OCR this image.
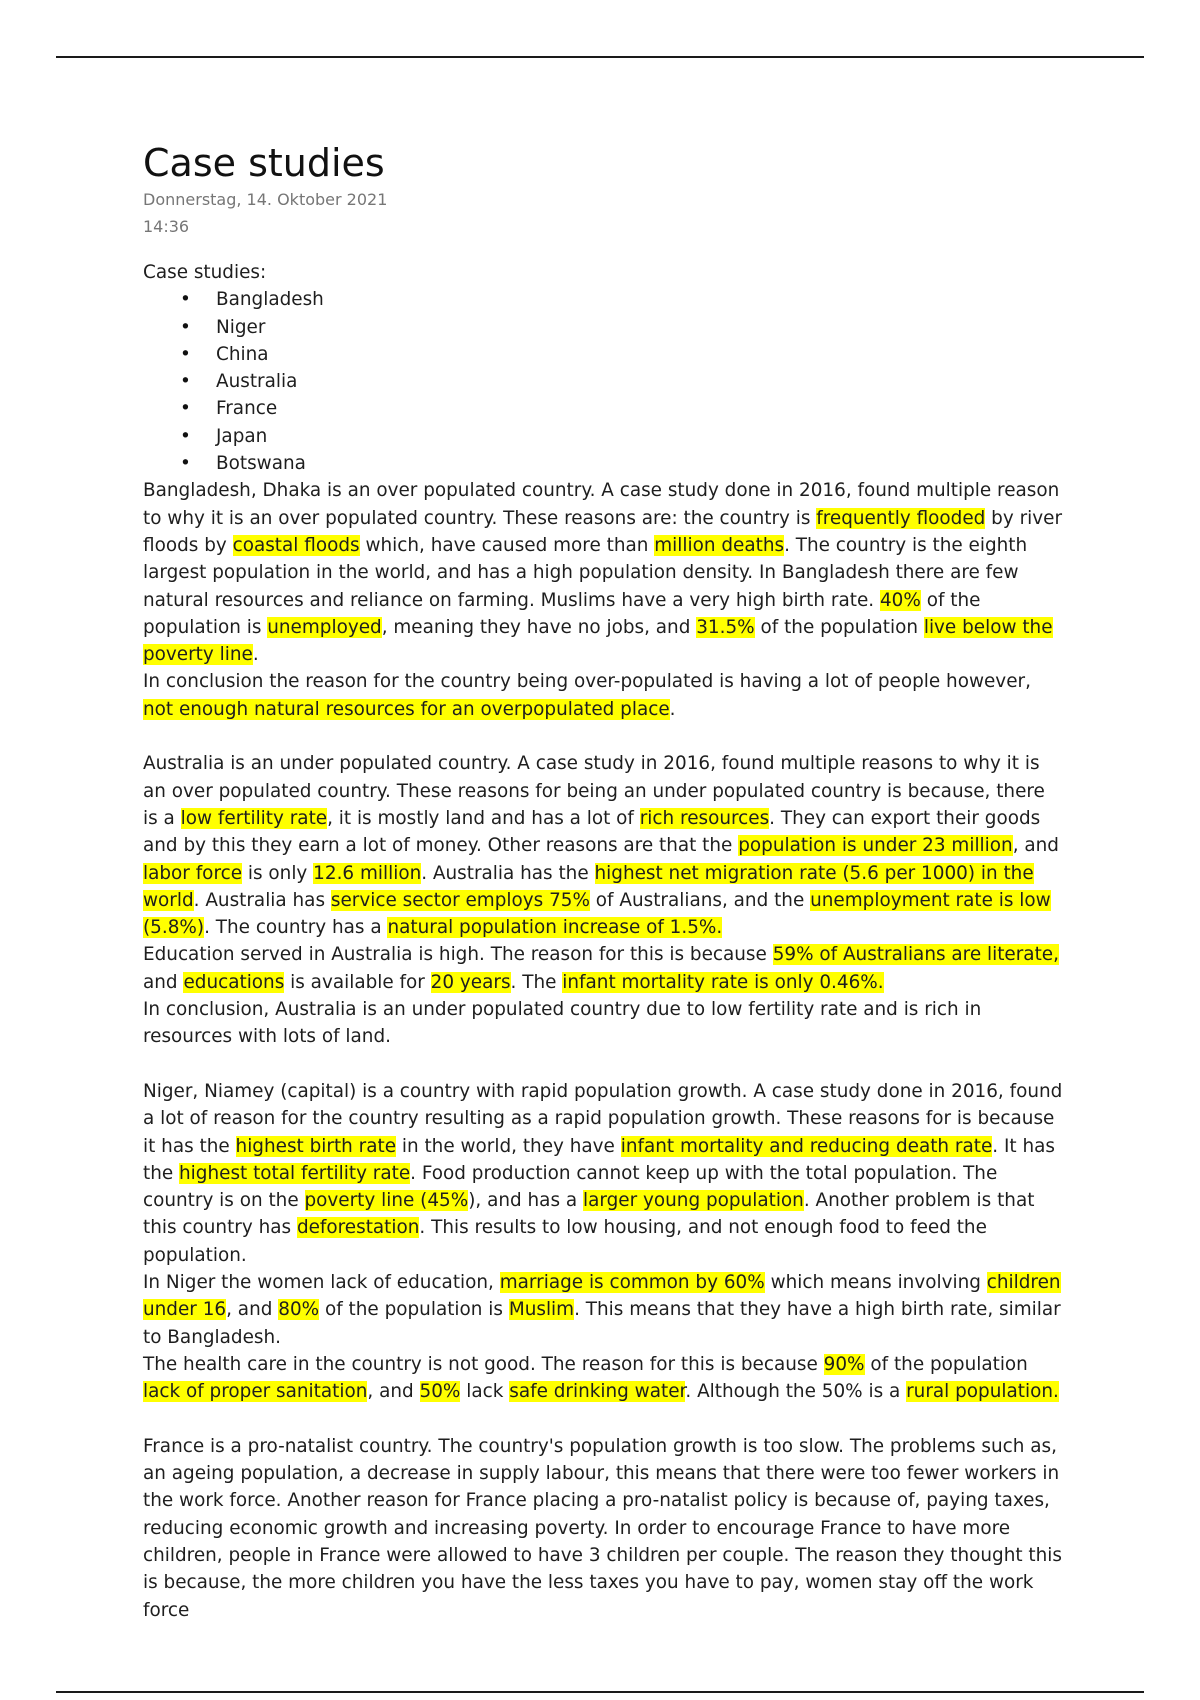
Case studies
Donnerstag, 14. Oktober 2021
14:36
Case studies:
• Bangladesh
• Niger
• China
• Australia
• France
• Japan
• Botswana

Bangladesh, Dhaka is an over populated country. A case study done in 2016, found multiple reason to why it is an over populated country. These reasons are: the country is frequently flooded by river floods by coastal floods which, have caused more than million deaths. The country is the eighth largest population in the world, and has a high population density. In Bangladesh there are few natural resources and reliance on farming. Muslims have a very high birth rate. 40% of the population is unemployed, meaning they have no jobs, and 31.5% of the population live below the poverty line.

In conclusion the reason for the country being over-populated is having a lot of people however, not enough natural resources for an overpopulated place.

Australia is an under populated country. A case study in 2016, found multiple reasons to why it is an over populated country. These reasons for being an under populated country is because, there is a low fertility rate, it is mostly land and has a lot of rich resources. They can export their goods and by this they earn a lot of money. Other reasons are that the population is under 23 million, and labor force is only 12.6 million. Australia has the highest net migration rate (5.6 per 1000) in the world. Australia has service sector employs 75% of Australians, and the unemployment rate is low (5.8%). The country has a natural population increase of 1.5%.

Education served in Australia is high. The reason for this is because 59% of Australians are literate, and educations is available for 20 years. The infant mortality rate is only 0.46%.

In conclusion, Australia is an under populated country due to low fertility rate and is rich in resources with lots of land.

Niger, Niamey (capital) is a country with rapid population growth. A case study done in 2016, found a lot of reason for the country resulting as a rapid population growth. These reasons for is because it has the highest birth rate in the world, they have infant mortality and reducing death rate. It has the highest total fertility rate. Food production cannot keep up with the total population. The country is on the poverty line (45%), and has a larger young population. Another problem is that this country has deforestation. This results to low housing, and not enough food to feed the population.

In Niger the women lack of education, marriage is common by 60% which means involving children under 16, and 80% of the population is Muslim. This means that they have a high birth rate, similar to Bangladesh.

The health care in the country is not good. The reason for this is because 90% of the population lack of proper sanitation, and 50% lack safe drinking water. Although the 50% is a rural population.

France is a pro-natalist country. The country's population growth is too slow. The problems such as, an ageing population, a decrease in supply labour, this means that there were too fewer workers in the work force. Another reason for France placing a pro-natalist policy is because of, paying taxes, reducing economic growth and increasing poverty. In order to encourage France to have more children, people in France were allowed to have 3 children per couple. The reason they thought this is because, the more children you have the less taxes you have to pay, women stay off the work force
